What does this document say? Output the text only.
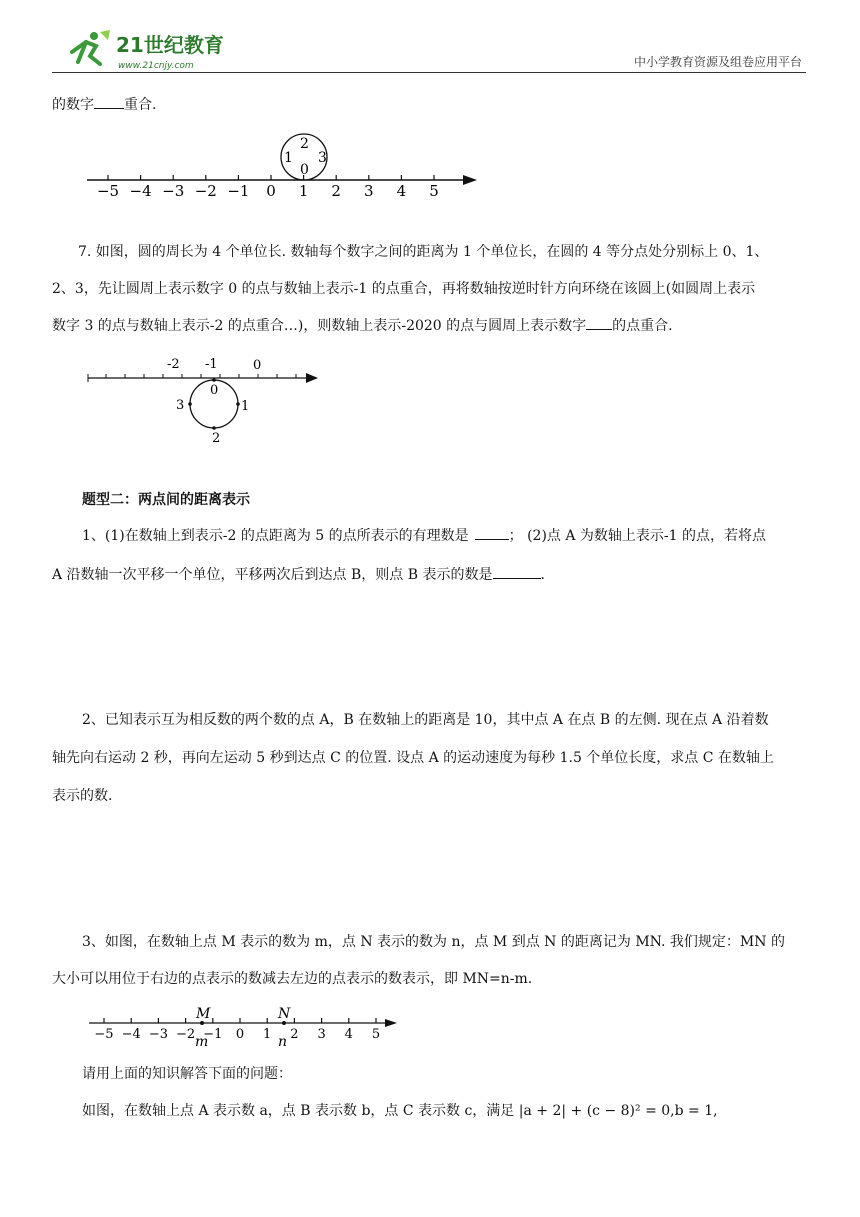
21世纪教育
www.21cnjy.com	中小学教育资源及组卷应用平台
的数字 重合.
−5 −4 −3 −2 −1 0 1 2 3 4 5
2
1 3
0
7. 如图，圆的周长为 4 个单位长. 数轴每个数字之间的距离为 1 个单位长，在圆的 4 等分点处分别标上 0、1、
2、3，先让圆周上表示数字 0 的点与数轴上表示-1 的点重合，再将数轴按逆时针方向环绕在该圆上(如圆周上表示
数字 3 的点与数轴上表示-2 的点重合…)，则数轴上表示-2020 的点与圆周上表示数字 的点重合.
-2 -1	0
0
1
2
3
题型二：两点间的距离表示
1、(1)在数轴上到表示-2 的点距离为 5 的点所表示的有理数是	； (2)点 A 为数轴上表示-1 的点，若将点
A 沿数轴一次平移一个单位，平移两次后到达点 B，则点 B 表示的数是	.
2、已知表示互为相反数的两个数的点 A，B 在数轴上的距离是 10，其中点 A 在点 B 的左侧. 现在点 A 沿着数
轴先向右运动 2 秒，再向左运动 5 秒到达点 C 的位置. 设点 A 的运动速度为每秒 1.5 个单位长度，求点 C 在数轴上
表示的数.
3、如图，在数轴上点 M 表示的数为 m，点 N 表示的数为 n，点 M 到点 N 的距离记为 MN. 我们规定：MN 的
大小可以用位于右边的点表示的数减去左边的点表示的数表示，即 MN=n-m.
−5 −4 −3 −2 −1 0 1 2 3 4 5
M	N
m	n
请用上面的知识解答下面的问题：
如图，在数轴上点 A 表示数 a，点 B 表示数 b，点 C 表示数 c，满足 |a + 2| + (c − 8)² = 0,b = 1,
